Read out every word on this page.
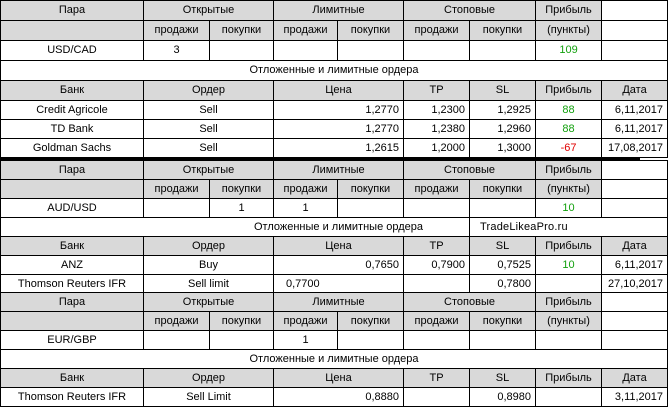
Пара	Открытые		Лимитные		Стоповые		Прибыль	
	продажи	покупки	продажи	покупки	продажи	покупки	(пункты)	
USD/CAD	3						109	
Отложенные и лимитные ордера								
Банк	Ордер		Цена		TP	SL	Прибыль	Дата
Credit Agricole	Sell		1,2770		1,2300	1,2925	88	6,11,2017
TD Bank	Sell		1,2770		1,2380	1,2960	88	6,11,2017
Goldman Sachs	Sell		1,2615		1,2000	1,3000	-67	17,08,2017
Пара	Открытые		Лимитные		Стоповые		Прибыль	
	продажи	покупки	продажи	покупки	продажи	покупки	(пункты)	
AUD/USD		1	1				10	
Отложенные и лимитные ордера						TradeLikeaPro.ru		
Банк	Ордер		Цена		TP	SL	Прибыль	Дата
ANZ	Buy		0,7650		0,7900	0,7525	10	6,11,2017
Thomson Reuters IFR	Sell limit		0,7700			0,7800		27,10,2017
Пара	Открытые		Лимитные		Стоповые		Прибыль	
	продажи	покупки	продажи	покупки	продажи	покупки	(пункты)	
EUR/GBP			1					
Отложенные и лимитные ордера								
Банк	Ордер		Цена		TP	SL	Прибыль	Дата
Thomson Reuters IFR	Sell Limit		0,8880			0,8980		3,11,2017
